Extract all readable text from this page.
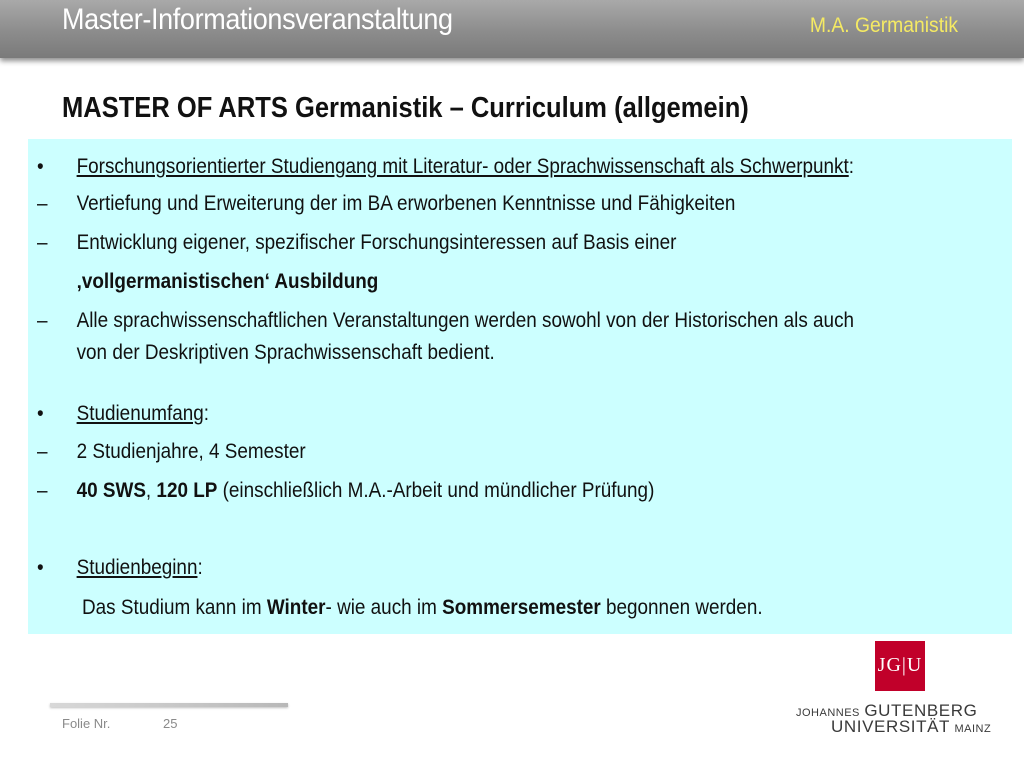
Master-Informationsveranstaltung	M.A. Germanistik
MASTER OF ARTS Germanistik – Curriculum (allgemein)
•	Forschungsorientierter Studiengang mit Literatur- oder Sprachwissenschaft als Schwerpunkt:
–	Vertiefung und Erweiterung der im BA erworbenen Kenntnisse und Fähigkeiten
–	Entwicklung eigener, spezifischer Forschungsinteressen auf Basis einer
‚vollgermanistischen‘ Ausbildung
–	Alle sprachwissenschaftlichen Veranstaltungen werden sowohl von der Historischen als auch
von der Deskriptiven Sprachwissenschaft bedient.
•	Studienumfang:
–	2 Studienjahre, 4 Semester
–	40 SWS, 120 LP (einschließlich M.A.-Arbeit und mündlicher Prüfung)
•	Studienbeginn:
Das Studium kann im Winter- wie auch im Sommersemester begonnen werden.
Folie Nr.	25
JG|U
JOHANNES GUTENBERG
UNIVERSITÄT MAINZ
